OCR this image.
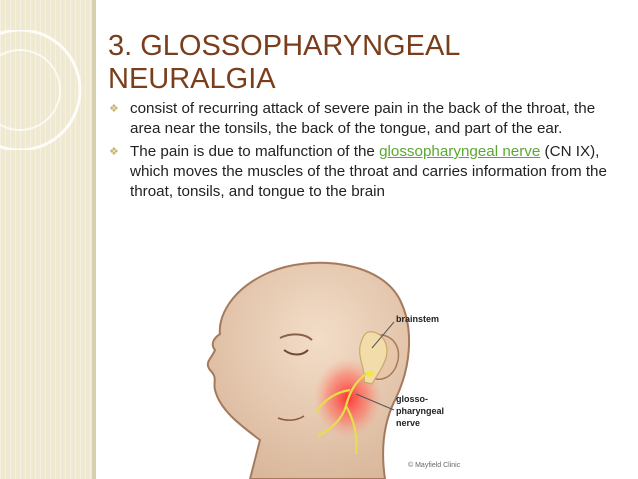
3. GLOSSOPHARYNGEAL NEURALGIA
❖ consist of recurring attack of severe pain in the back of the throat, the area near the tonsils, the back of the tongue, and part of the ear.
❖ The pain is due to malfunction of the glossopharyngeal nerve (CN IX), which moves the muscles of the throat and carries information from the throat, tonsils, and tongue to the brain
brainstem
glosso-
pharyngeal
nerve
© Mayfield Clinic
